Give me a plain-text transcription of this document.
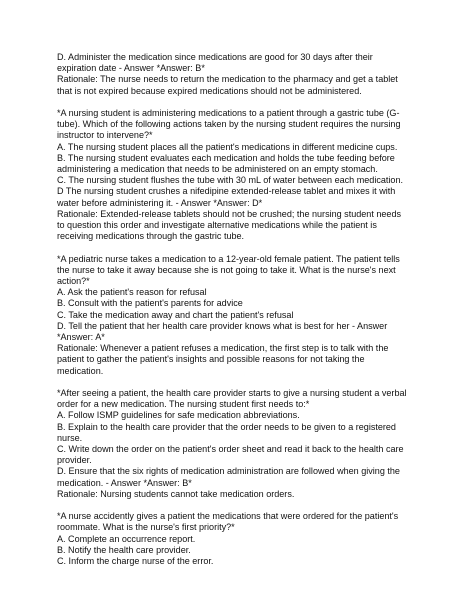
D. Administer the medication since medications are good for 30 days after their
expiration date - Answer *Answer: B*
Rationale: The nurse needs to return the medication to the pharmacy and get a tablet
that is not expired because expired medications should not be administered.
*A nursing student is administering medications to a patient through a gastric tube (G-
tube). Which of the following actions taken by the nursing student requires the nursing
instructor to intervene?*
A. The nursing student places all the patient's medications in different medicine cups.
B. The nursing student evaluates each medication and holds the tube feeding before
administering a medication that needs to be administered on an empty stomach.
C. The nursing student flushes the tube with 30 mL of water between each medication.
D The nursing student crushes a nifedipine extended-release tablet and mixes it with
water before administering it. - Answer *Answer: D*
Rationale: Extended-release tablets should not be crushed; the nursing student needs
to question this order and investigate alternative medications while the patient is
receiving medications through the gastric tube.
*A pediatric nurse takes a medication to a 12-year-old female patient. The patient tells
the nurse to take it away because she is not going to take it. What is the nurse's next
action?*
A. Ask the patient's reason for refusal
B. Consult with the patient's parents for advice
C. Take the medication away and chart the patient's refusal
D. Tell the patient that her health care provider knows what is best for her - Answer
*Answer: A*
Rationale: Whenever a patient refuses a medication, the first step is to talk with the
patient to gather the patient's insights and possible reasons for not taking the
medication.
*After seeing a patient, the health care provider starts to give a nursing student a verbal
order for a new medication. The nursing student first needs to:*
A. Follow ISMP guidelines for safe medication abbreviations.
B. Explain to the health care provider that the order needs to be given to a registered
nurse.
C. Write down the order on the patient's order sheet and read it back to the health care
provider.
D. Ensure that the six rights of medication administration are followed when giving the
medication. - Answer *Answer: B*
Rationale: Nursing students cannot take medication orders.
*A nurse accidently gives a patient the medications that were ordered for the patient's
roommate. What is the nurse's first priority?*
A. Complete an occurrence report.
B. Notify the health care provider.
C. Inform the charge nurse of the error.
